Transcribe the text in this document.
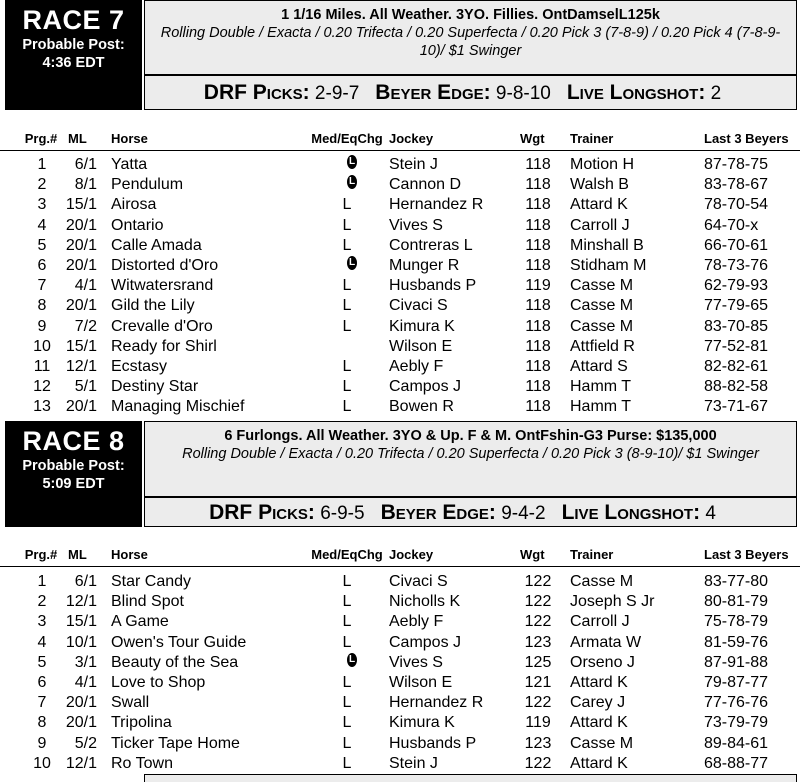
RACE 7
Probable Post:
4:36 EDT
1 1/16 Miles. All Weather. 3YO. Fillies. OntDamselL125k
Rolling Double / Exacta / 0.20 Trifecta / 0.20 Superfecta / 0.20 Pick 3 (7-8-9) / 0.20 Pick 4 (7-8-9-10)/ $1 Swinger
DRF Picks: 2-9-7 Beyer Edge: 9-8-10 Live Longshot: 2
Prg.# ML Horse	Med/EqChg Jockey	Wgt Trainer	Last 3 Beyers
1	6/1 Yatta	L Stein J	118 Motion H	87-78-75
2	8/1 Pendulum	L Cannon D	118 Walsh B	83-78-67
3	15/1 Airosa	L	Hernandez R	118 Attard K	78-70-54
4	20/1 Ontario	L	Vives S	118 Carroll J	64-70-x
5	20/1 Calle Amada	L	Contreras L	118 Minshall B	66-70-61
6	20/1 Distorted d'Oro	L Munger R	118 Stidham M	78-73-76
7	4/1 Witwatersrand	L	Husbands P	119 Casse M	62-79-93
8	20/1 Gild the Lily	L	Civaci S	118 Casse M	77-79-65
9	7/2 Crevalle d'Oro	L	Kimura K	118 Casse M	83-70-85
10 15/1 Ready for Shirl	Wilson E	118 Attfield R	77-52-81
11 12/1 Ecstasy	L	Aebly F	118 Attard S	82-82-61
12	5/1 Destiny Star	L	Campos J	118 Hamm T	88-82-58
13 20/1 Managing Mischief	L	Bowen R	118 Hamm T	73-71-67
RACE 8
Probable Post:
5:09 EDT
6 Furlongs. All Weather. 3YO & Up. F & M. OntFshin-G3 Purse: $135,000
Rolling Double / Exacta / 0.20 Trifecta / 0.20 Superfecta / 0.20 Pick 3 (8-9-10)/ $1 Swinger
DRF Picks: 6-9-5 Beyer Edge: 9-4-2 Live Longshot: 4
Prg.# ML Horse	Med/EqChg Jockey	Wgt Trainer	Last 3 Beyers
1	6/1 Star Candy	L	Civaci S	122 Casse M	83-77-80
2	12/1 Blind Spot	L	Nicholls K	122 Joseph S Jr	80-81-79
3	15/1 A Game	L	Aebly F	122 Carroll J	75-78-79
4	10/1 Owen's Tour Guide	L	Campos J	123 Armata W	81-59-76
5	3/1 Beauty of the Sea	L Vives S	125 Orseno J	87-91-88
6	4/1 Love to Shop	L	Wilson E	121 Attard K	79-87-77
7	20/1 Swall	L	Hernandez R	122 Carey J	77-76-76
8	20/1 Tripolina	L	Kimura K	119 Attard K	73-79-79
9	5/2 Ticker Tape Home	L	Husbands P	123 Casse M	89-84-61
10 12/1 Ro Town	L	Stein J	122 Attard K	68-88-77
